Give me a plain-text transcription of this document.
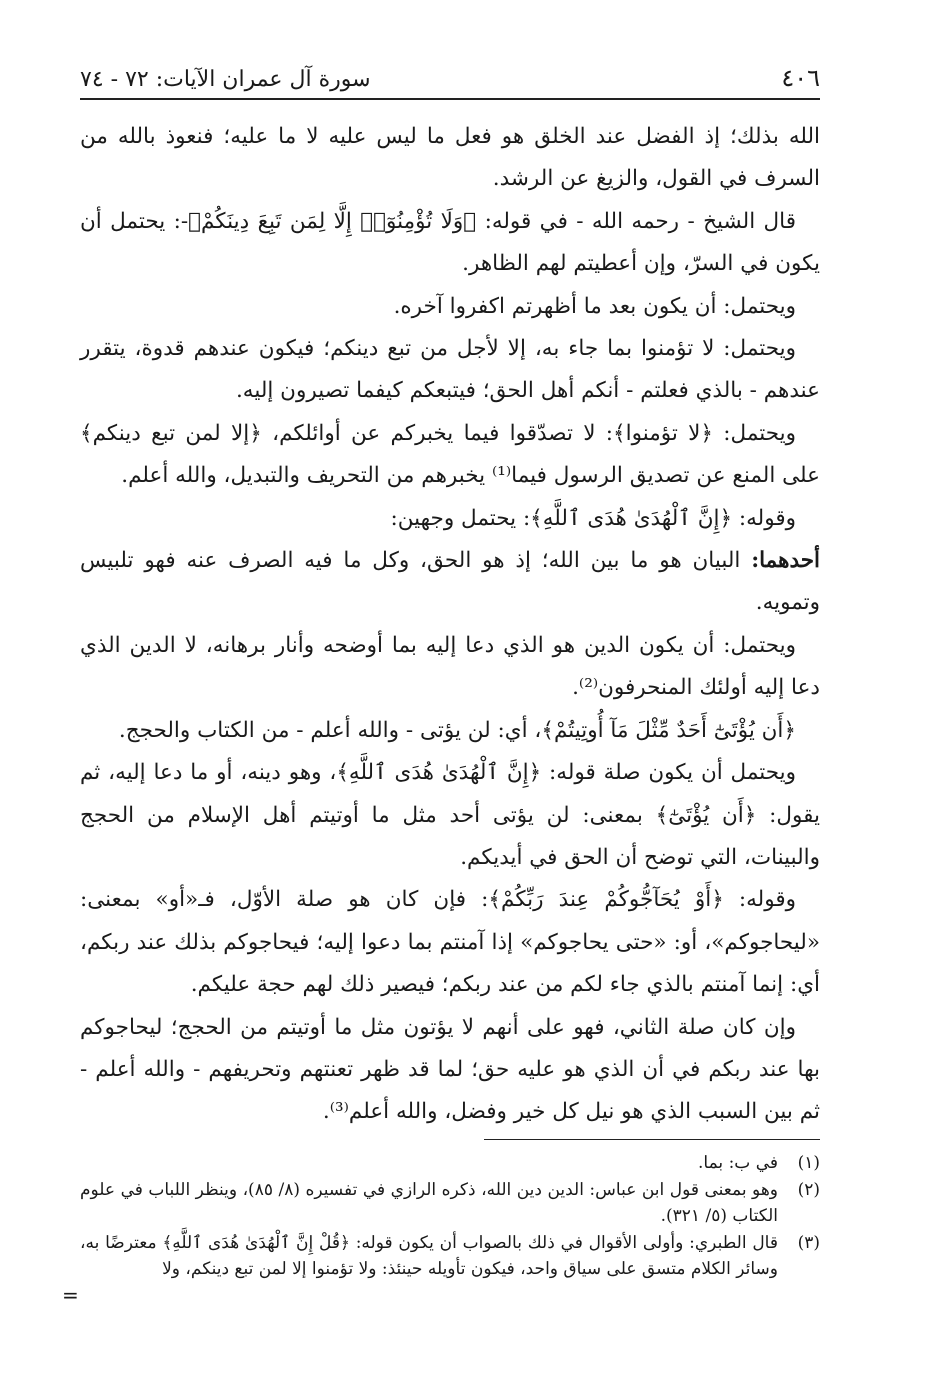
٤٠٦
سورة آل عمران الآيات: ٧٢ - ٧٤

الله بذلك؛ إذ الفضل عند الخلق هو فعل ما ليس عليه لا ما عليه؛ فنعوذ بالله من السرف في القول، والزيغ عن الرشد.

قال الشيخ - رحمه الله - في قوله: ﴿وَلَا تُؤْمِنُوٓا۟ إِلَّا لِمَن تَبِعَ دِينَكُمْ﴾-: يحتمل أن يكون في السرّ، وإن أعطيتم لهم الظاهر.

ويحتمل: أن يكون بعد ما أظهرتم اكفروا آخره.

ويحتمل: لا تؤمنوا بما جاء به، إلا لأجل من تبع دينكم؛ فيكون عندهم قدوة، يتقرر عندهم - بالذي فعلتم - أنكم أهل الحق؛ فيتبعكم كيفما تصيرون إليه.

ويحتمل: ﴿لا تؤمنوا﴾: لا تصدّقوا فيما يخبركم عن أوائلكم، ﴿إلا لمن تبع دينكم﴾ على المنع عن تصديق الرسول فيما⁽¹⁾ يخبرهم من التحريف والتبديل، والله أعلم.

وقوله: ﴿إِنَّ ٱلْهُدَىٰ هُدَى ٱللَّهِ﴾: يحتمل وجهين:

أحدهما: البيان هو ما بين الله؛ إذ هو الحق، وكل ما فيه الصرف عنه فهو تلبيس وتمويه.

ويحتمل: أن يكون الدين هو الذي دعا إليه بما أوضحه وأنار برهانه، لا الدين الذي دعا إليه أولئك المنحرفون⁽²⁾.

﴿أَن يُؤْتَىٰٓ أَحَدٌ مِّثْلَ مَآ أُوتِيتُمْ﴾، أي: لن يؤتى - والله أعلم - من الكتاب والحجج.

ويحتمل أن يكون صلة قوله: ﴿إِنَّ ٱلْهُدَىٰ هُدَى ٱللَّهِ﴾، وهو دينه، أو ما دعا إليه، ثم يقول: ﴿أَن يُؤْتَىٰٓ﴾ بمعنى: لن يؤتى أحد مثل ما أوتيتم أهل الإسلام من الحجج والبينات، التي توضح أن الحق في أيديكم.

وقوله: ﴿أَوْ يُحَآجُّوكُمْ عِندَ رَبِّكُمْ﴾: فإن كان هو صلة الأوّل، فـ«أو» بمعنى: «ليحاجوكم»، أو: «حتى يحاجوكم» إذا آمنتم بما دعوا إليه؛ فيحاجوكم بذلك عند ربكم، أي: إنما آمنتم بالذي جاء لكم من عند ربكم؛ فيصير ذلك لهم حجة عليكم.

وإن كان صلة الثاني، فهو على أنهم لا يؤتون مثل ما أوتيتم من الحجج؛ ليحاجوكم بها عند ربكم في أن الذي هو عليه حق؛ لما قد ظهر تعنتهم وتحريفهم - والله أعلم - ثم بين السبب الذي هو نيل كل خير وفضل، والله أعلم⁽³⁾.

(١)
في ب: بما.
(٢)
وهو بمعنى قول ابن عباس: الدين دين الله، ذكره الرازي في تفسيره (٨/ ٨٥)، وينظر اللباب في علوم الكتاب (٥/ ٣٢١).
(٣)
قال الطبري: وأولى الأقوال في ذلك بالصواب أن يكون قوله: ﴿قُلْ إِنَّ ٱلْهُدَىٰ هُدَى ٱللَّهِ﴾ معترضًا به، وسائر الكلام متسق على سياق واحد، فيكون تأويله حينئذ: ولا تؤمنوا إلا لمن تبع دينكم، ولا
=
